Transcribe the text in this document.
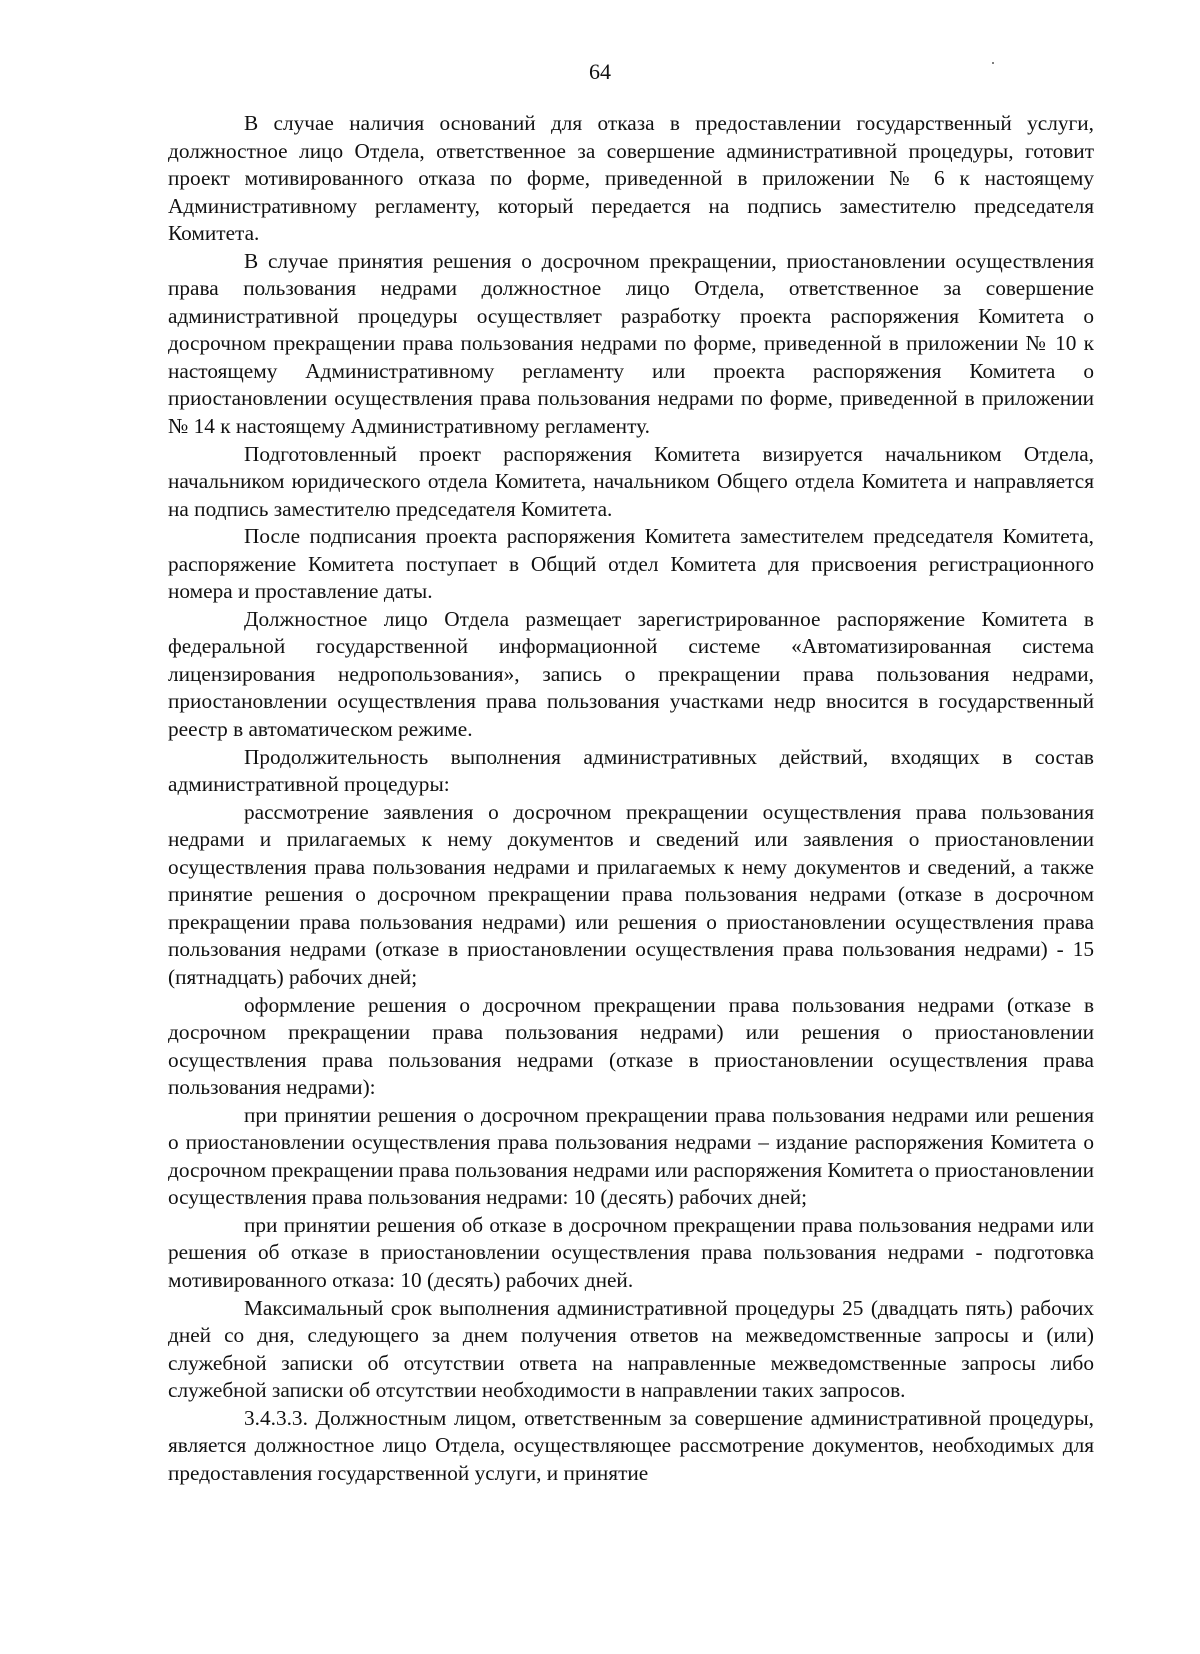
64

В случае наличия оснований для отказа в предоставлении государственный услуги, должностное лицо Отдела, ответственное за совершение административной процедуры, готовит проект мотивированного отказа по форме, приведенной в приложении № 6 к настоящему Административному регламенту, который передается на подпись заместителю председателя Комитета.

В случае принятия решения о досрочном прекращении, приостановлении осуществления права пользования недрами должностное лицо Отдела, ответственное за совершение административной процедуры осуществляет разработку проекта распоряжения Комитета о досрочном прекращении права пользования недрами по форме, приведенной в приложении № 10 к настоящему Административному регламенту или проекта распоряжения Комитета о приостановлении осуществления права пользования недрами по форме, приведенной в приложении № 14 к настоящему Административному регламенту.

Подготовленный проект распоряжения Комитета визируется начальником Отдела, начальником юридического отдела Комитета, начальником Общего отдела Комитета и направляется на подпись заместителю председателя Комитета.

После подписания проекта распоряжения Комитета заместителем председателя Комитета, распоряжение Комитета поступает в Общий отдел Комитета для присвоения регистрационного номера и проставление даты.

Должностное лицо Отдела размещает зарегистрированное распоряжение Комитета в федеральной государственной информационной системе «Автоматизированная система лицензирования недропользования», запись о прекращении права пользования недрами, приостановлении осуществления права пользования участками недр вносится в государственный реестр в автоматическом режиме.

Продолжительность выполнения административных действий, входящих в состав административной процедуры:

рассмотрение заявления о досрочном прекращении осуществления права пользования недрами и прилагаемых к нему документов и сведений или заявления о приостановлении осуществления права пользования недрами и прилагаемых к нему документов и сведений, а также принятие решения о досрочном прекращении права пользования недрами (отказе в досрочном прекращении права пользования недрами) или решения о приостановлении осуществления права пользования недрами (отказе в приостановлении осуществления права пользования недрами) - 15 (пятнадцать) рабочих дней;

оформление решения о досрочном прекращении права пользования недрами (отказе в досрочном прекращении права пользования недрами) или решения о приостановлении осуществления права пользования недрами (отказе в приостановлении осуществления права пользования недрами):

при принятии решения о досрочном прекращении права пользования недрами или решения о приостановлении осуществления права пользования недрами – издание распоряжения Комитета о досрочном прекращении права пользования недрами или распоряжения Комитета о приостановлении осуществления права пользования недрами: 10 (десять) рабочих дней;

при принятии решения об отказе в досрочном прекращении права пользования недрами или решения об отказе в приостановлении осуществления права пользования недрами - подготовка мотивированного отказа: 10 (десять) рабочих дней.

Максимальный срок выполнения административной процедуры 25 (двадцать пять) рабочих дней со дня, следующего за днем получения ответов на межведомственные запросы и (или) служебной записки об отсутствии ответа на направленные межведомственные запросы либо служебной записки об отсутствии необходимости в направлении таких запросов.

3.4.3.3. Должностным лицом, ответственным за совершение административной процедуры, является должностное лицо Отдела, осуществляющее рассмотрение документов, необходимых для предоставления государственной услуги, и принятие
